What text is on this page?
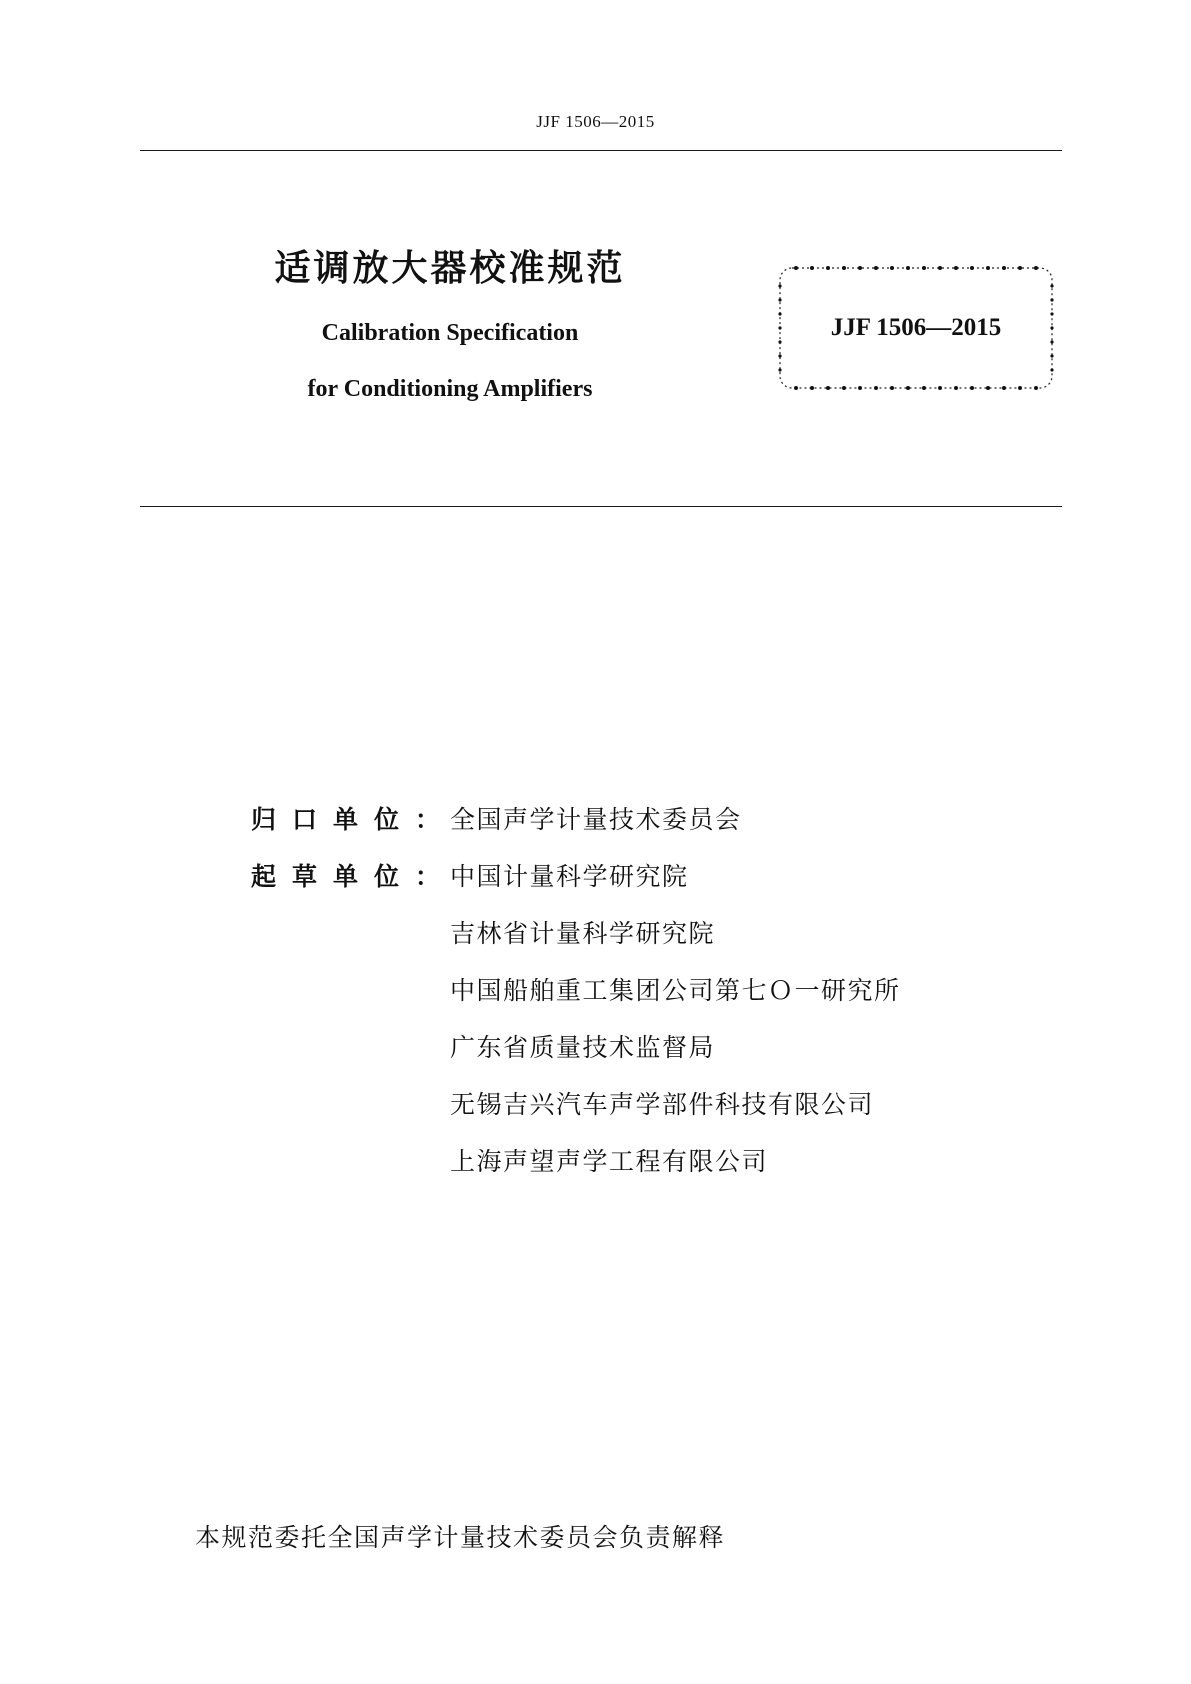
JJF 1506—2015
适调放大器校准规范
Calibration Specification
for Conditioning Amplifiers
JJF 1506—2015
归口单位：
全国声学计量技术委员会
起草单位：
中国计量科学研究院
吉林省计量科学研究院
中国船舶重工集团公司第七Ｏ一研究所
广东省质量技术监督局
无锡吉兴汽车声学部件科技有限公司
上海声望声学工程有限公司
本规范委托全国声学计量技术委员会负责解释
